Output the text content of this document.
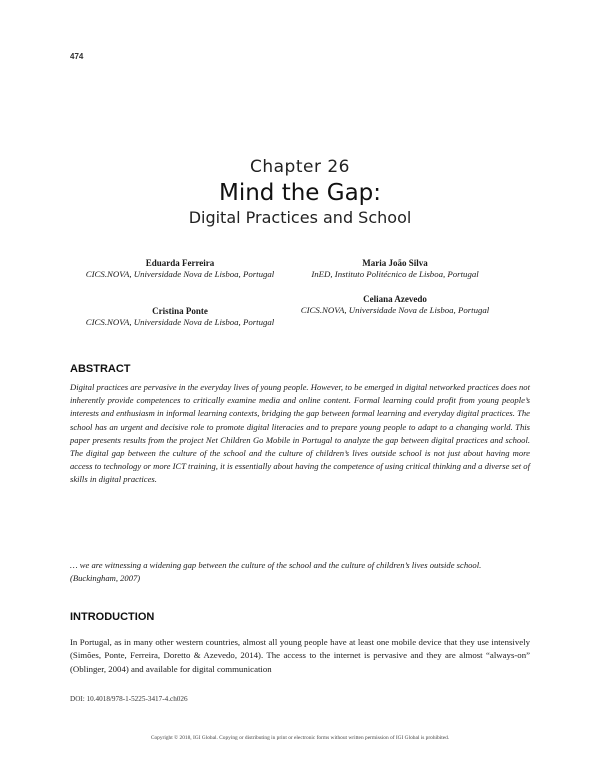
474
Chapter 26
Mind the Gap:
Digital Practices and School
Eduarda Ferreira
CICS.NOVA, Universidade Nova de Lisboa, Portugal
Cristina Ponte
CICS.NOVA, Universidade Nova de Lisboa, Portugal
Maria João Silva
InED, Instituto Politécnico de Lisboa, Portugal
Celiana Azevedo
CICS.NOVA, Universidade Nova de Lisboa, Portugal
ABSTRACT

Digital practices are pervasive in the everyday lives of young people. However, to be emerged in digital networked practices does not inherently provide competences to critically examine media and online content. Formal learning could profit from young people’s interests and enthusiasm in informal learning contexts, bridging the gap between formal learning and everyday digital practices. The school has an urgent and decisive role to promote digital literacies and to prepare young people to adapt to a changing world. This paper presents results from the project Net Children Go Mobile in Portugal to analyze the gap between digital practices and school. The digital gap between the culture of the school and the culture of children’s lives outside school is not just about having more access to technology or more ICT training, it is essentially about having the competence of using critical thinking and a diverse set of skills in digital practices.

… we are witnessing a widening gap between the culture of the school and the culture of children’s lives outside school. (Buckingham, 2007)

INTRODUCTION

In Portugal, as in many other western countries, almost all young people have at least one mobile device that they use intensively (Simões, Ponte, Ferreira, Doretto & Azevedo, 2014). The access to the internet is pervasive and they are almost “always-on” (Oblinger, 2004) and available for digital communication

DOI: 10.4018/978-1-5225-3417-4.ch026
Copyright © 2018, IGI Global. Copying or distributing in print or electronic forms without written permission of IGI Global is prohibited.
